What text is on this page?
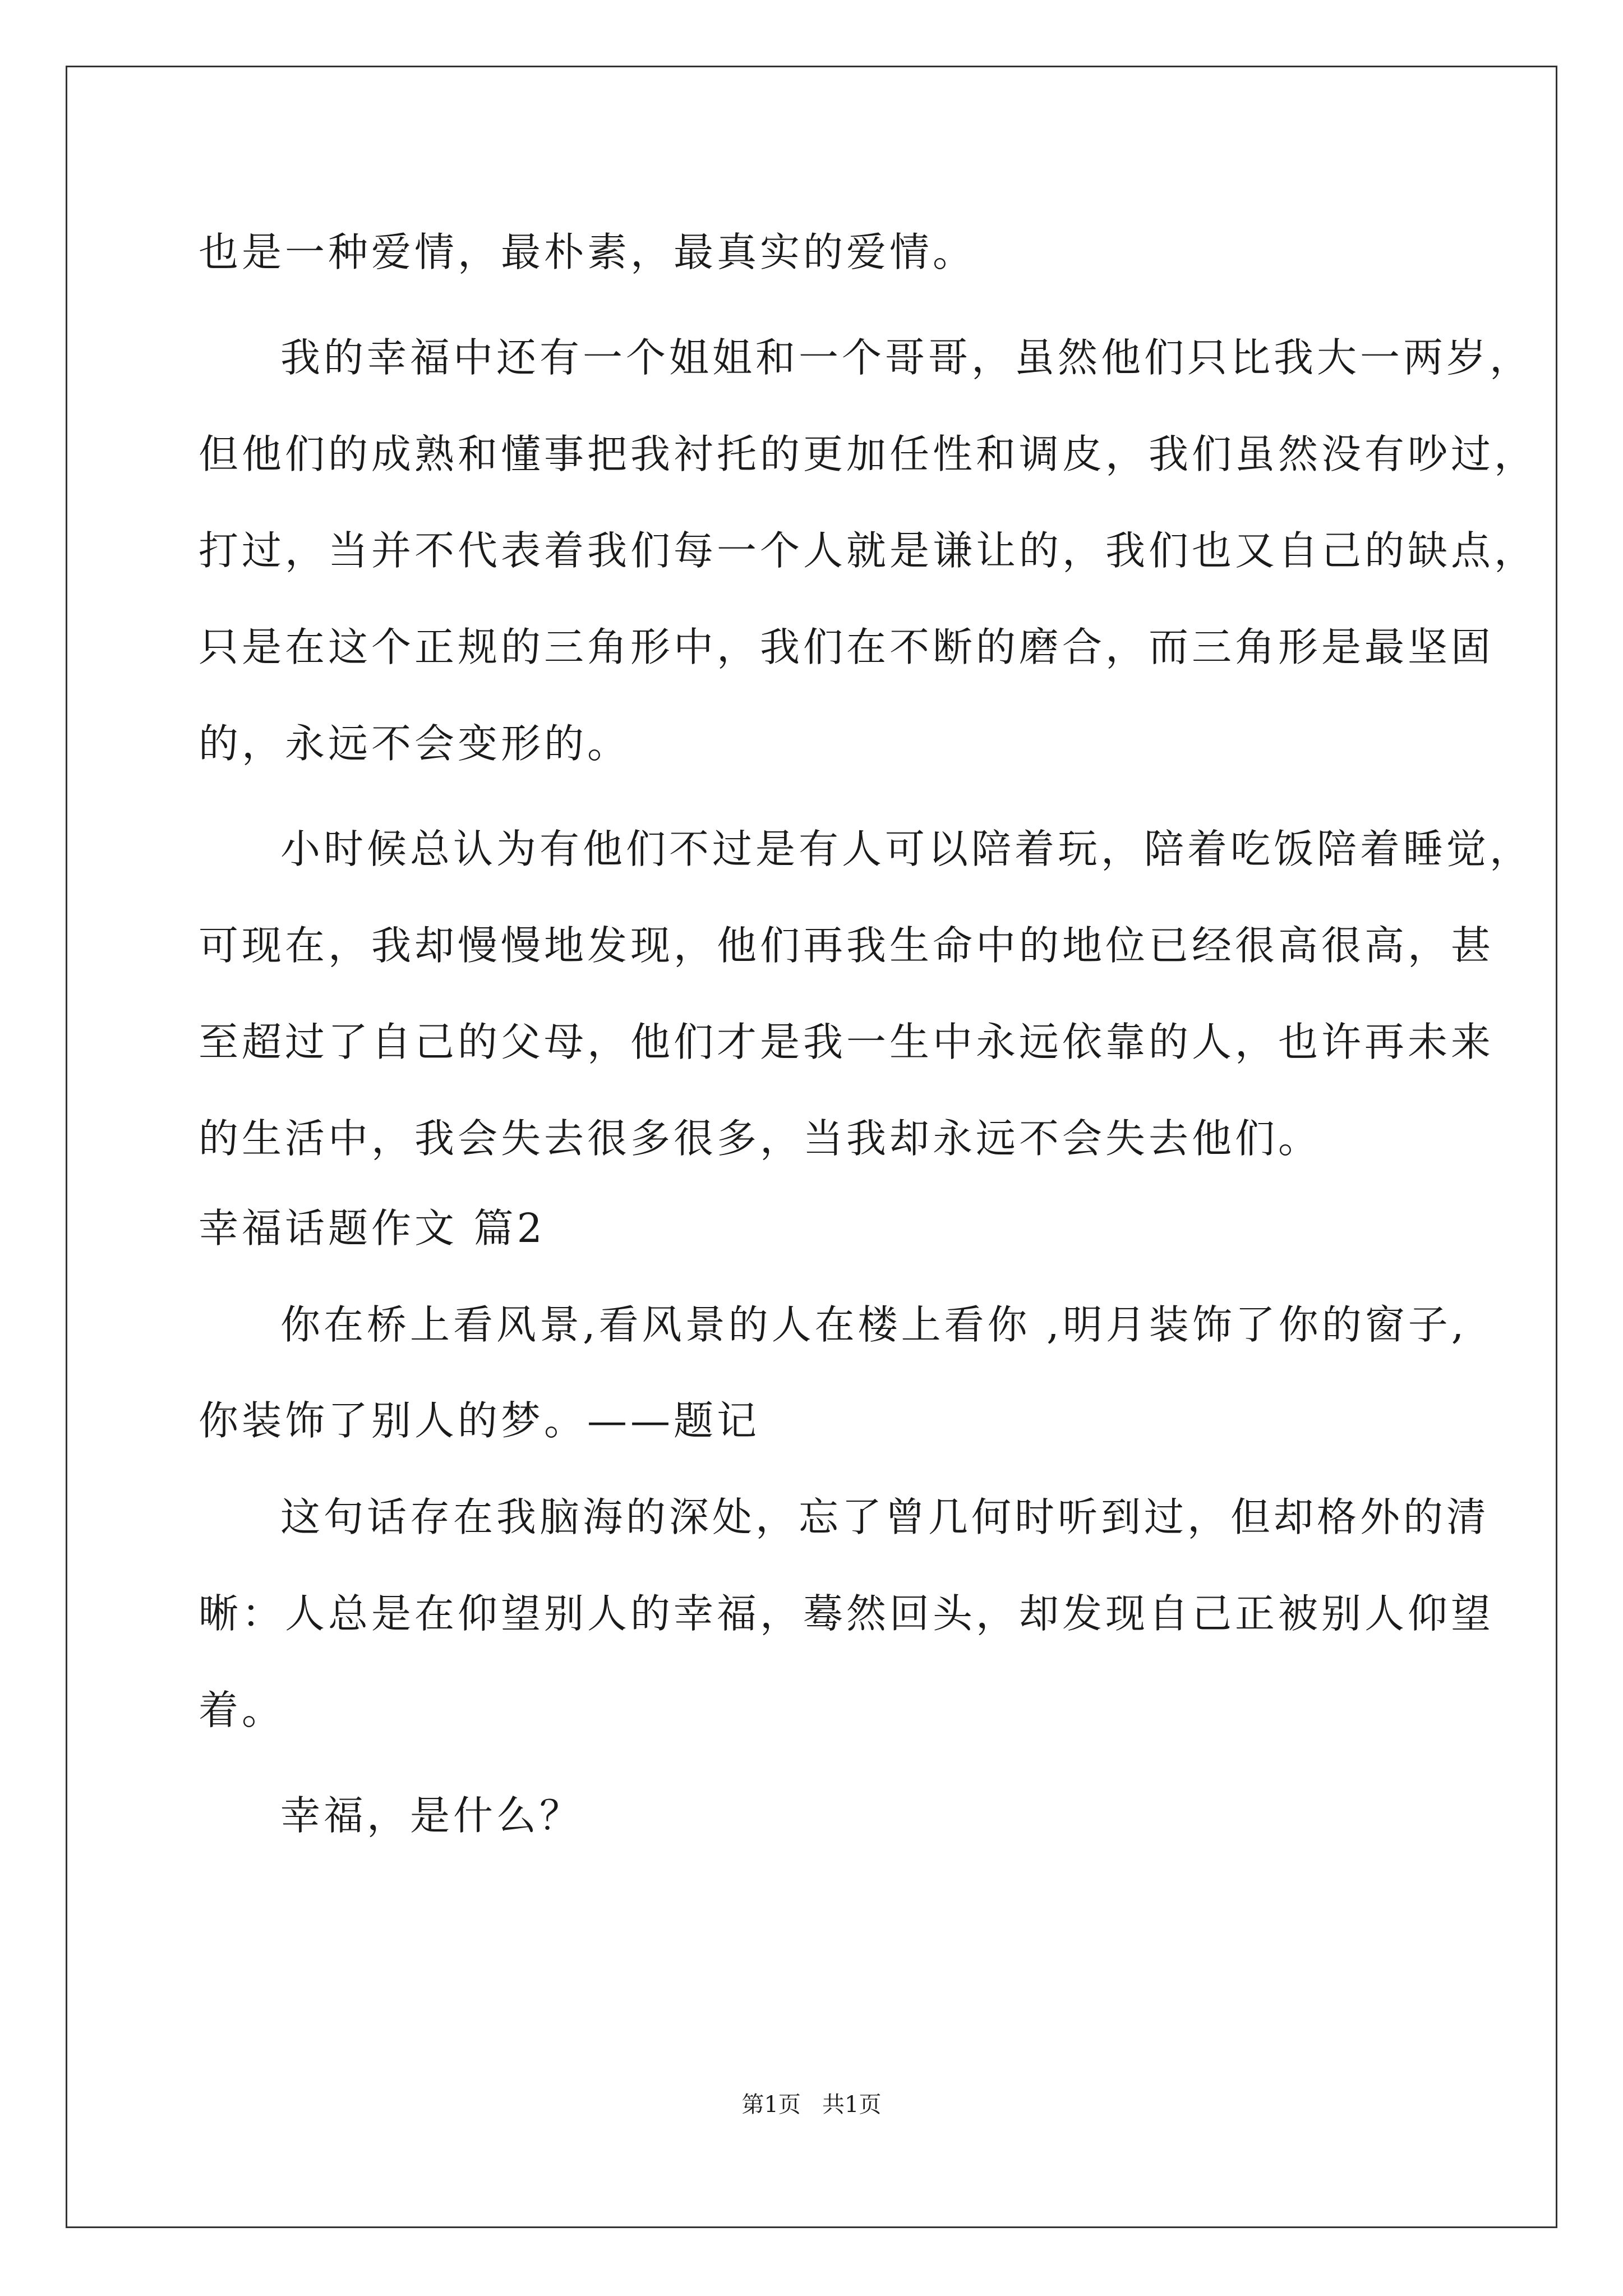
也是一种爱情，最朴素，最真实的爱情。
我的幸福中还有一个姐姐和一个哥哥，虽然他们只比我大一两岁，
但他们的成熟和懂事把我衬托的更加任性和调皮，我们虽然没有吵过，
打过，当并不代表着我们每一个人就是谦让的，我们也又自己的缺点，
只是在这个正规的三角形中，我们在不断的磨合，而三角形是最坚固
的，永远不会变形的。
小时候总认为有他们不过是有人可以陪着玩，陪着吃饭陪着睡觉，
可现在，我却慢慢地发现，他们再我生命中的地位已经很高很高，甚
至超过了自己的父母，他们才是我一生中永远依靠的人，也许再未来
的生活中，我会失去很多很多，当我却永远不会失去他们。
幸福话题作文 篇2
你在桥上看风景,看风景的人在楼上看你 ,明月装饰了你的窗子,
你装饰了别人的梦。——题记
这句话存在我脑海的深处，忘了曾几何时听到过，但却格外的清
晰：人总是在仰望别人的幸福，蓦然回头，却发现自己正被别人仰望
着。
幸福，是什么？
第1页   共1页
